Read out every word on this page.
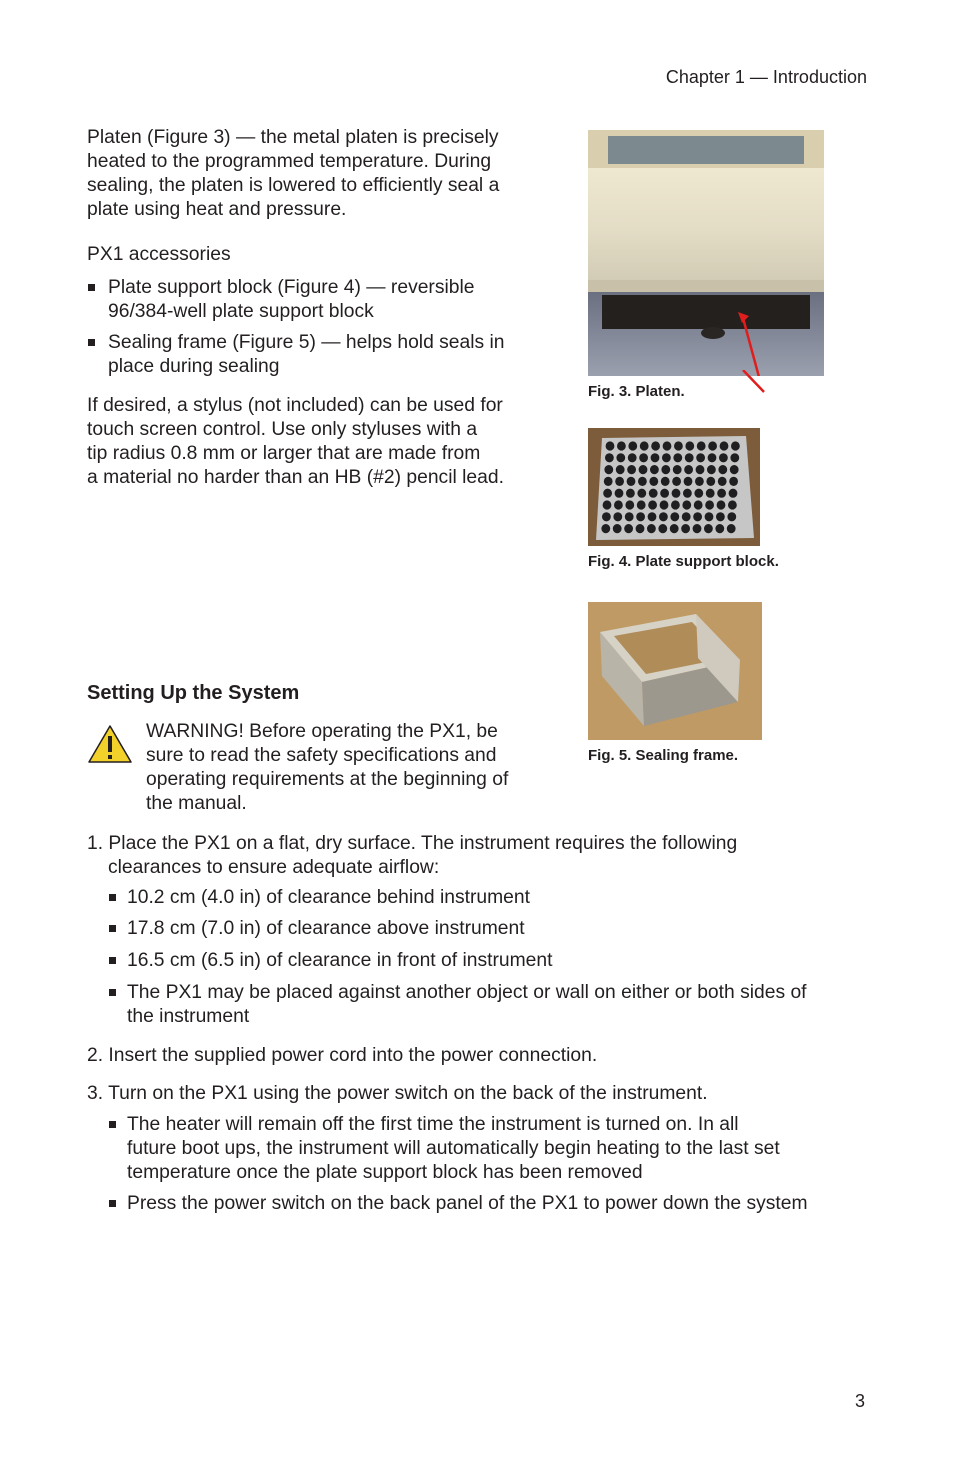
Chapter 1 — Introduction
Platen (Figure 3) — the metal platen is precisely
heated to the programmed temperature. During
sealing, the platen is lowered to efficiently seal a
plate using heat and pressure.
PX1 accessories
Plate support block (Figure 4) — reversible
96/384-well plate support block
Sealing frame (Figure 5) — helps hold seals in
place during sealing
If desired, a stylus (not included) can be used for
touch screen control. Use only styluses with a
tip radius 0.8 mm or larger that are made from
a material no harder than an HB (#2) pencil lead.
Fig. 3. Platen.
Fig. 4. Plate support block.
Fig. 5. Sealing frame.
Setting Up the System
WARNING! Before operating the PX1, be
sure to read the safety specifications and
operating requirements at the beginning of
the manual.
1. Place the PX1 on a flat, dry surface. The instrument requires the following
clearances to ensure adequate airflow:
10.2 cm (4.0 in) of clearance behind instrument
17.8 cm (7.0 in) of clearance above instrument
16.5 cm (6.5 in) of clearance in front of instrument
The PX1 may be placed against another object or wall on either or both sides of
the instrument
2. Insert the supplied power cord into the power connection.
3. Turn on the PX1 using the power switch on the back of the instrument.
The heater will remain off the first time the instrument is turned on. In all
future boot ups, the instrument will automatically begin heating to the last set
temperature once the plate support block has been removed
Press the power switch on the back panel of the PX1 to power down the system
3
